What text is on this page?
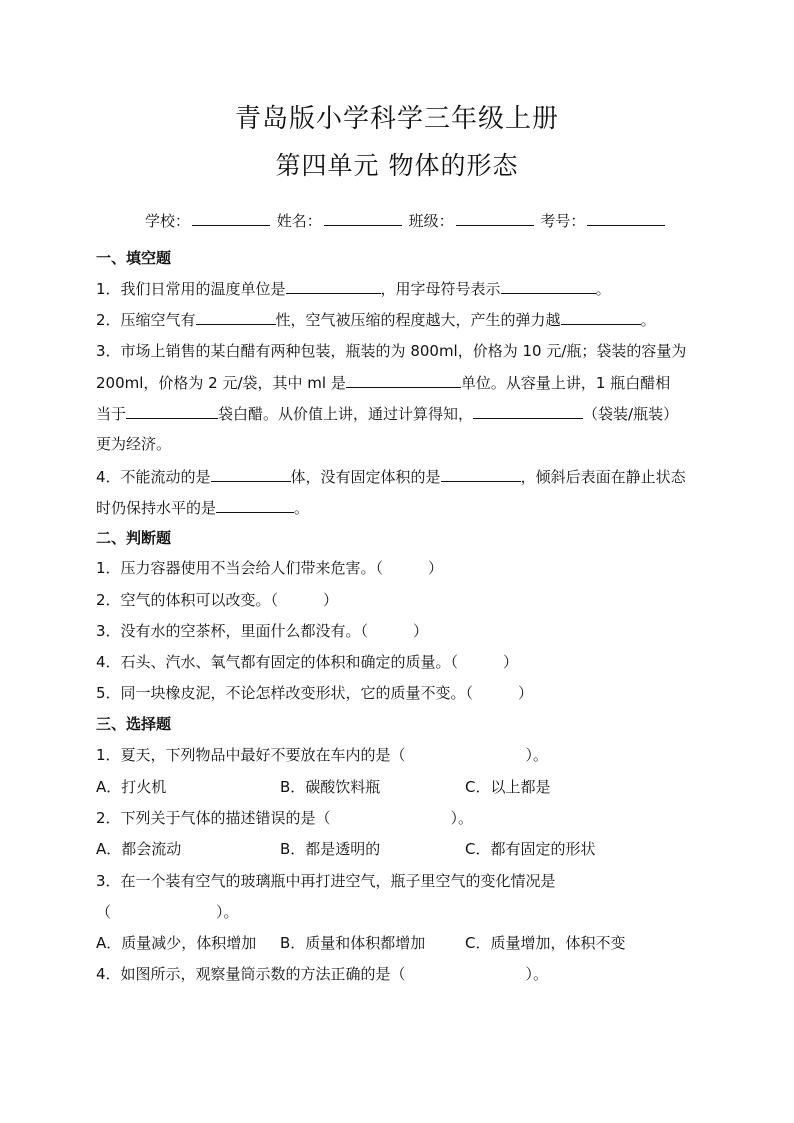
青岛版小学科学三年级上册
第四单元 物体的形态
学校：	姓名：	班级：	考号：
一、填空题
1．我们日常用的温度单位是	，用字母符号表示	。
2．压缩空气有	性，空气被压缩的程度越大，产生的弹力越	。
3．市场上销售的某白醋有两种包装，瓶装的为 800ml，价格为 10 元/瓶；袋装的容量为
200ml，价格为 2 元/袋，其中 ml 是	单位。从容量上讲，1 瓶白醋相
当于	袋白醋。从价值上讲，通过计算得知，	（袋装/瓶装）
更为经济。
4．不能流动的是	体，没有固定体积的是	，倾斜后表面在静止状态
时仍保持水平的是	。
二、判断题
1．压力容器使用不当会给人们带来危害。（　　　）
2．空气的体积可以改变。（　　　）
3．没有水的空茶杯，里面什么都没有。（　　　）
4．石头、汽水、氧气都有固定的体积和确定的质量。（　　　）
5．同一块橡皮泥，不论怎样改变形状，它的质量不变。（　　　）
三、选择题
1．夏天，下列物品中最好不要放在车内的是（　　　　　　　　）。
A．打火机	B．碳酸饮料瓶	C．以上都是
2．下列关于气体的描述错误的是（　　　　　　　　）。
A．都会流动	B．都是透明的	C．都有固定的形状
3．在一个装有空气的玻璃瓶中再打进空气，瓶子里空气的变化情况是
（　　　　　　　）。
A．质量减少，体积增加 B．质量和体积都增加	C．质量增加，体积不变
4．如图所示，观察量筒示数的方法正确的是（　　　　　　　　）。
